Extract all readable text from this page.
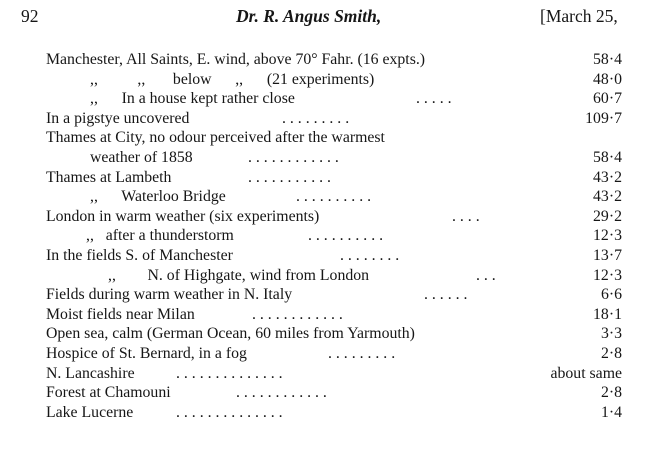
92	Dr. R. Angus Smith,	[March 25,
Manchester, All Saints, E. wind, above 70° Fahr. (16 expts.)	58·4
,,          ,,       below      ,,      (21 experiments)	48·0
,,      In a house kept rather close	. . . . .	60·7
In a pigstye uncovered	. . . . . . . . .	109·7
Thames at City, no odour perceived after the warmest
weather of 1858	. . . . . . . . . . . .	58·4
Thames at Lambeth	. . . . . . . . . . .	43·2
,,      Waterloo Bridge	. . . . . . . . . .	43·2
London in warm weather (six experiments)	. . . .	29·2
,,   after a thunderstorm	. . . . . . . . . .	12·3
In the fields S. of Manchester	. . . . . . . .	13·7
,,        N. of Highgate, wind from London	. . .	12·3
Fields during warm weather in N. Italy	. . . . . .	6·6
Moist fields near Milan	. . . . . . . . . . . .	18·1
Open sea, calm (German Ocean, 60 miles from Yarmouth)	3·3
Hospice of St. Bernard, in a fog	. . . . . . . . .	2·8
N. Lancashire	. . . . . . . . . . . . . .	about same
Forest at Chamouni	. . . . . . . . . . . .	2·8
Lake Lucerne	. . . . . . . . . . . . . .	1·4
